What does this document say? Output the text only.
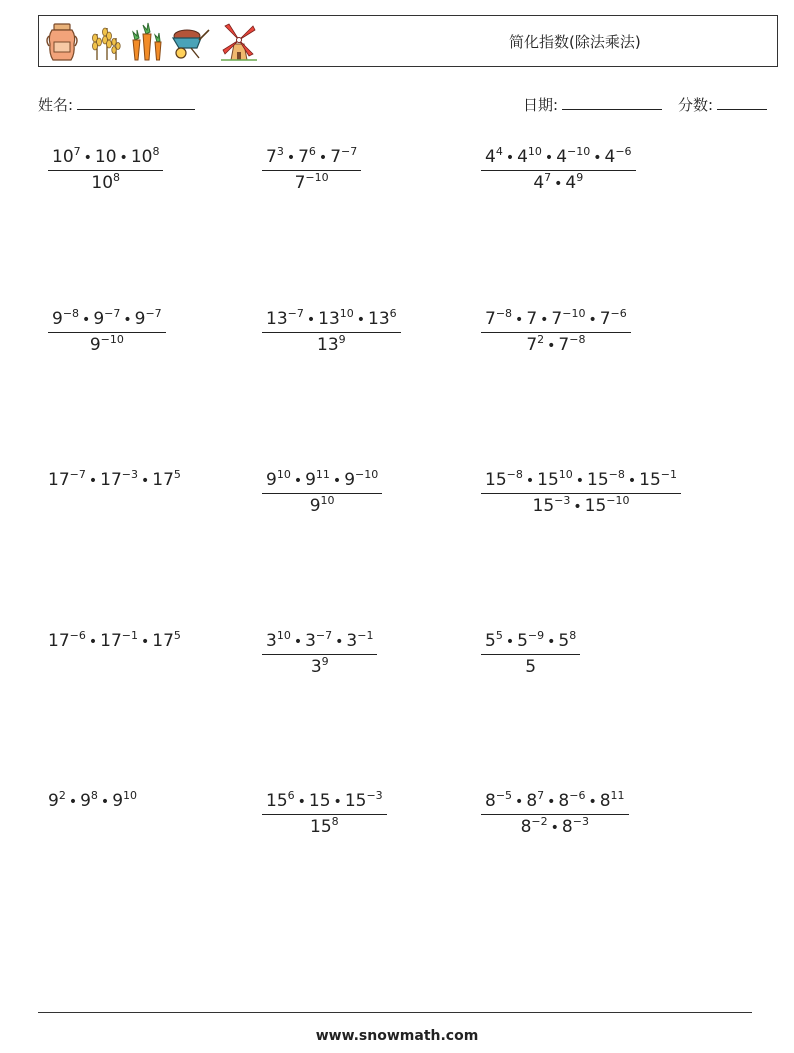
简化指数(除法乘法)
姓名:	日期:	分数:
$\frac{10^7 • 10 • 10^8}{10^8}$	$\frac{7^3 • 7^6 • 7^{-7}}{7^{-10}}$	$\frac{4^4 • 4^{10} • 4^{-10} • 4^{-6}}{4^7 • 4^9}$
$\frac{9^{-8} • 9^{-7} • 9^{-7}}{9^{-10}}$	$\frac{13^{-7} • 13^{10} • 13^6}{13^9}$	$\frac{7^{-8} • 7 • 7^{-10} • 7^{-6}}{7^2 • 7^{-8}}$
$17^{-7}$ • $17^{-3}$ • $17^5$	$\frac{9^{10} • 9^{11} • 9^{-10}}{9^{10}}$	$\frac{15^{-8} • 15^{10} • 15^{-8} • 15^{-1}}{15^{-3} • 15^{-10}}$
$17^{-6}$ • $17^{-1}$ • $17^5$	$\frac{3^{10} • 3^{-7} • 3^{-1}}{3^9}$	$\frac{5^5 • 5^{-9} • 5^8}{5}$
$9^2$ • $9^8$ • $9^{10}$	$\frac{15^6 • 15 • 15^{-3}}{15^8}$	$\frac{8^{-5} • 8^7 • 8^{-6} • 8^{11}}{8^{-2} • 8^{-3}}$
www.snowmath.com
